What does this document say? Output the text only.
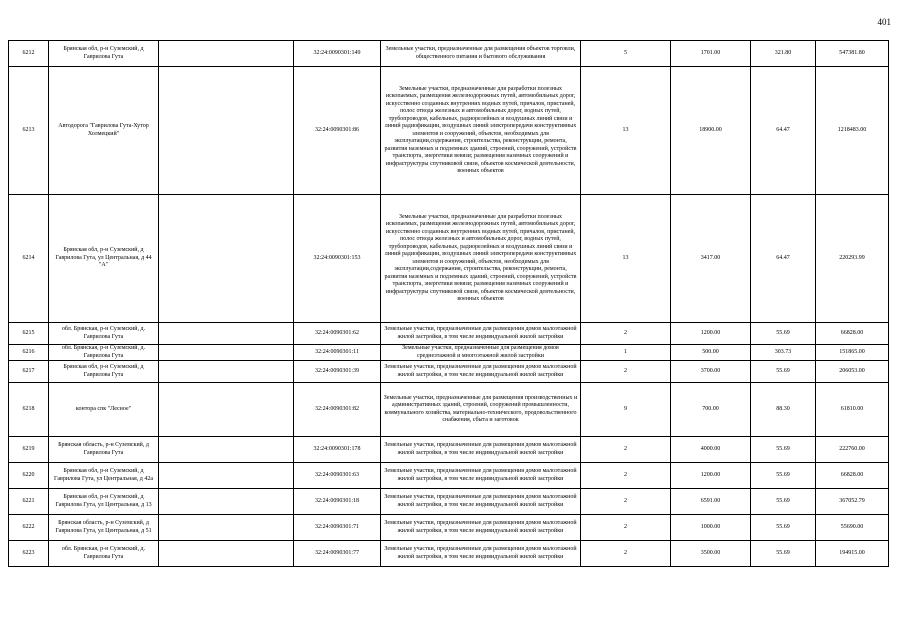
401
6212	Брянская обл, р-н Суземский, д Гаврилова Гута		32:24:0090301:149	Земельные участки, предназначенные для размещения объектов торговли, общественного питания и бытового обслуживания	5	1701.00	321.80	547381.80
6213	Автодорога "Гаврилова Гута-Хутор Холмецкий"		32:24:0090301:86	Земельные участки, предназначенные для разработки полезных ископаемых, размещения железнодорожных путей, автомобильных дорог, искусственно созданных внутренних водных путей, причалов, пристаней, полос отвода железных и автомобильных дорог, водных путей, трубопроводов, кабельных, радиорелейных и воздушных линий связи и линий радиофикации, воздушных линий электропередачи конструктивных элементов и сооружений, объектов, необходимых для эксплуатации,содержания, строительства, реконструкции, ремонта, развития наземных и подземных зданий, строений, сооружений, устройств транспорта, энергетики вевязи; размещения наземных сооружений и инфраструктуры спутниковой связи, объектов космической деятельности, военных объектов	13	18900.00	64.47	1218483.00
6214	Брянская обл, р-н Суземский, д Гаврилова Гута, ул Центральная, д 44 "А"		32:24:0090301:153	Земельные участки, предназначенные для разработки полезных ископаемых, размещения железнодорожных путей, автомобильных дорог, искусственно созданных внутренних водных путей, причалов, пристаней, полос отвода железных и автомобильных дорог, водных путей, трубопроводов, кабельных, радиорелейных и воздушных линий связи и линий радиофикации, воздушных линий электропередачи конструктивных элементов и сооружений, объектов, необходимых для эксплуатации,содержания, строительства, реконструкции, ремонта, развития наземных и подземных зданий, строений, сооружений, устройств транспорта, энергетики вевязи; размещения наземных сооружений и инфраструктуры спутниковой связи, объектов космической деятельности, военных объектов	13	3417.00	64.47	220293.99
6215	обл. Брянская, р-н Суземский, д. Гаврилова Гута		32:24:0090301:62	Земельные участки, предназначенные для размещения домов малоэтажной жилой застройки, в том числе индивидуальной жилой застройки	2	1200.00	55.69	66828.00
6216	обл. Брянская, р-н Суземский, д. Гаврилова Гута		32:24:0090301:11	Земельные участки, предназначенные для размещения домов среднеэтажной и многоэтажной жилой застройки	1	500.00	303.73	151865.00
6217	Брянская обл, р-н Суземский, д Гаврилова Гута		32:24:0090301:39	Земельные участки, предназначенные для размещения домов малоэтажной жилой застройки, в том числе индивидуальной жилой застройки	2	3700.00	55.69	206053.00
6218	контора спк "Лесное"		32:24:0090301:82	Земельные участки, предназначенные для размещения производственных и административных зданий, строений, сооружений промышленности, коммунального хозяйства, материально-технического, продовольственного снабжения, сбыта и заготовок	9	700.00	88.30	61810.00
6219	Брянская область, р-н Суземский, д Гаврилова Гута		32:24:0090301:178	Земельные участки, предназначенные для размещения домов малоэтажной жилой застройки, в том числе индивидуальной жилой застройки	2	4000.00	55.69	222760.00
6220	Брянская обл, р-н Суземский, д Гаврилова Гута, ул Центральная, д 42а		32:24:0090301:63	Земельные участки, предназначенные для размещения домов малоэтажной жилой застройки, в том числе индивидуальной жилой застройки	2	1200.00	55.69	66828.00
6221	Брянская обл, р-н Суземский, д Гаврилова Гута, ул Центральная, д 13		32:24:0090301:18	Земельные участки, предназначенные для размещения домов малоэтажной жилой застройки, в том числе индивидуальной жилой застройки	2	6591.00	55.69	367052.79
6222	Брянская область, р-н Суземский, д Гаврилова Гута, ул Центральная, д 51		32:24:0090301:71	Земельные участки, предназначенные для размещения домов малоэтажной жилой застройки, в том числе индивидуальной жилой застройки	2	1000.00	55.69	55690.00
6223	обл. Брянская, р-н Суземский, д. Гаврилова Гута		32:24:0090301:77	Земельные участки, предназначенные для размещения домов малоэтажной жилой застройки, в том числе индивидуальной жилой застройки	2	3500.00	55.69	194915.00
